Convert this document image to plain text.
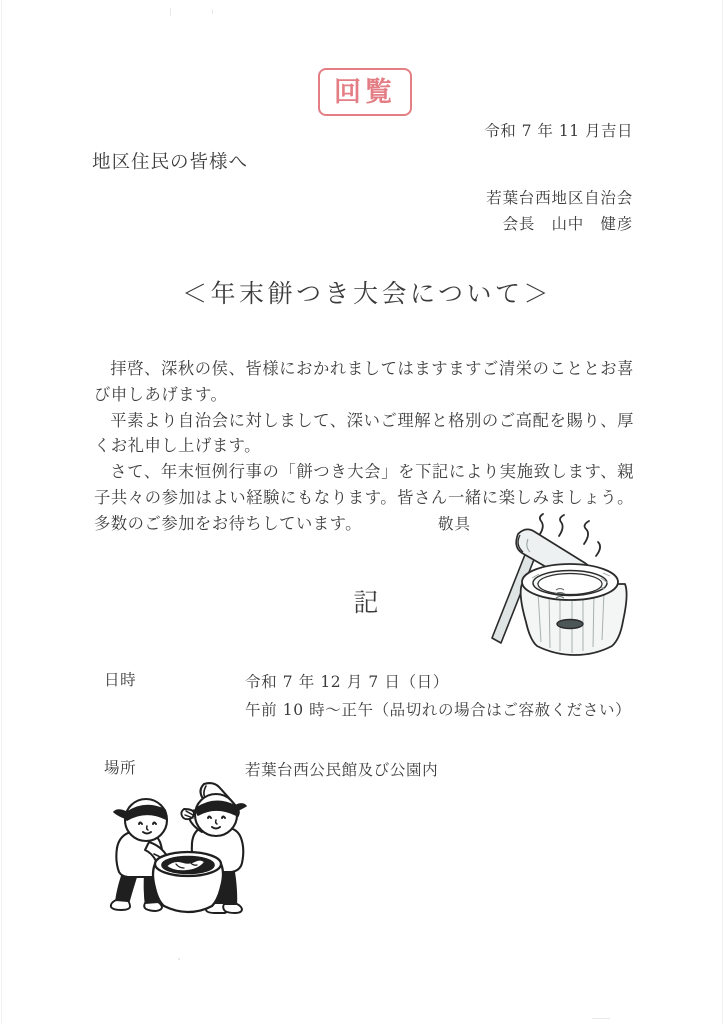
回覧
令和 7 年 11 月吉日
地区住民の皆様へ
若葉台西地区自治会
会長　山中　健彦
＜年末餅つき大会について＞

拝啓、深秋の侯、皆様におかれましてはますますご清栄のこととお喜び申しあげます。

平素より自治会に対しまして、深いご理解と格別のご高配を賜り、厚くお礼申し上げます。

さて、年末恒例行事の「餅つき大会」を下記により実施致します、親子共々の参加はよい経験にもなります。皆さん一緒に楽しみましょう。多数のご参加をお待ちしています。	敬具
記
日時	令和 7 年 12 月 7 日（日）
午前 10 時〜正午（品切れの場合はご容赦ください）
場所	若葉台西公民館及び公園内
